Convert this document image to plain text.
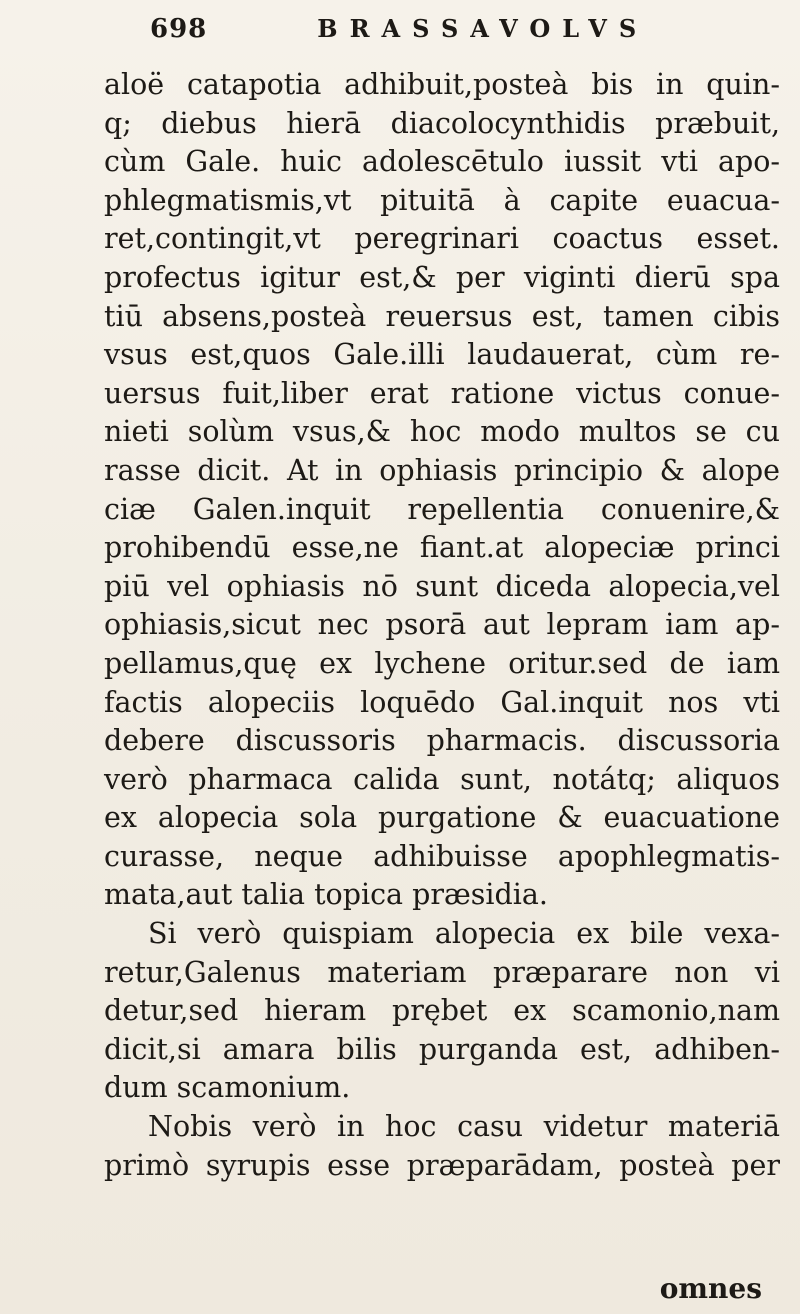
698	BRASSAVOLVS
aloë catapotia adhibuit,posteà bis in quin-
q; diebus hierā diacolocynthidis præbuit,
cùm Gale. huic adolescētulo iussit vti apo-
phlegmatismis,vt pituitā à capite euacua-
ret,contingit,vt peregrinari coactus esset.
profectus igitur est,& per viginti dierū spa
tiū absens,posteà reuersus est, tamen cibis
vsus est,quos Gale.illi laudauerat, cùm re-
uersus fuit,liber erat ratione victus conue-
nieti solùm vsus,& hoc modo multos se cu
rasse dicit. At in ophiasis principio & alope
ciæ Galen.inquit repellentia conuenire,&
prohibendū esse,ne fiant.at alopeciæ princi
piū vel ophiasis nō sunt diceda alopecia,vel
ophiasis,sicut nec psorā aut lepram iam ap-
pellamus,quę ex lychene oritur.sed de iam
factis alopeciis loquēdo Gal.inquit nos vti
debere discussoris pharmacis. discussoria
verò pharmaca calida sunt, notátq; aliquos
ex alopecia sola purgatione & euacuatione
curasse, neque adhibuisse apophlegmatis-
mata,aut talia topica præsidia.
Si verò quispiam alopecia ex bile vexa-
retur,Galenus materiam præparare non vi
detur,sed hieram prębet ex scamonio,nam
dicit,si amara bilis purganda est, adhiben-
dum scamonium.
Nobis verò in hoc casu videtur materiā
primò syrupis esse præparādam, posteà per
omnes
